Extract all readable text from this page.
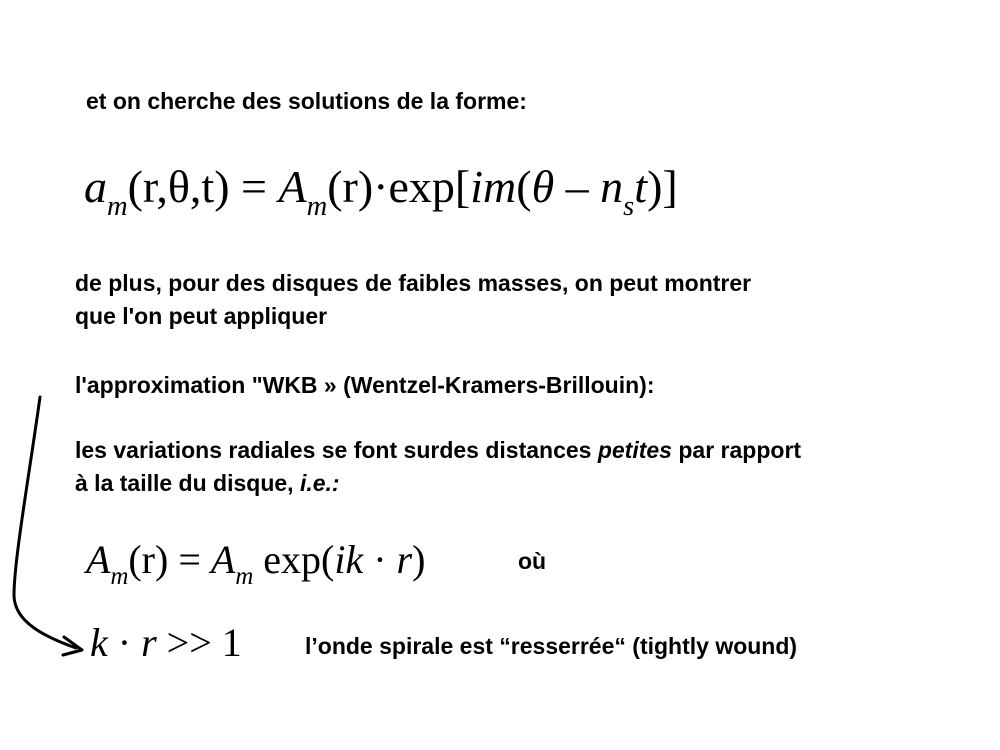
et on cherche des solutions de la forme:
$a_m(r,\theta,t) = A_m(r)\cdot\exp[im(\theta - n_st)]$
de plus, pour des disques de faibles masses, on peut montrer
que l'on peut appliquer
l'approximation "WKB » (Wentzel-Kramers-Brillouin):
les variations radiales se font surdes distances petites par rapport
à la taille du disque, i.e.:
$A_m(r) = A_m$ exp(ik · r)	où
k · r >> 1	l’onde spirale est “resserrée“ (tightly wound)
